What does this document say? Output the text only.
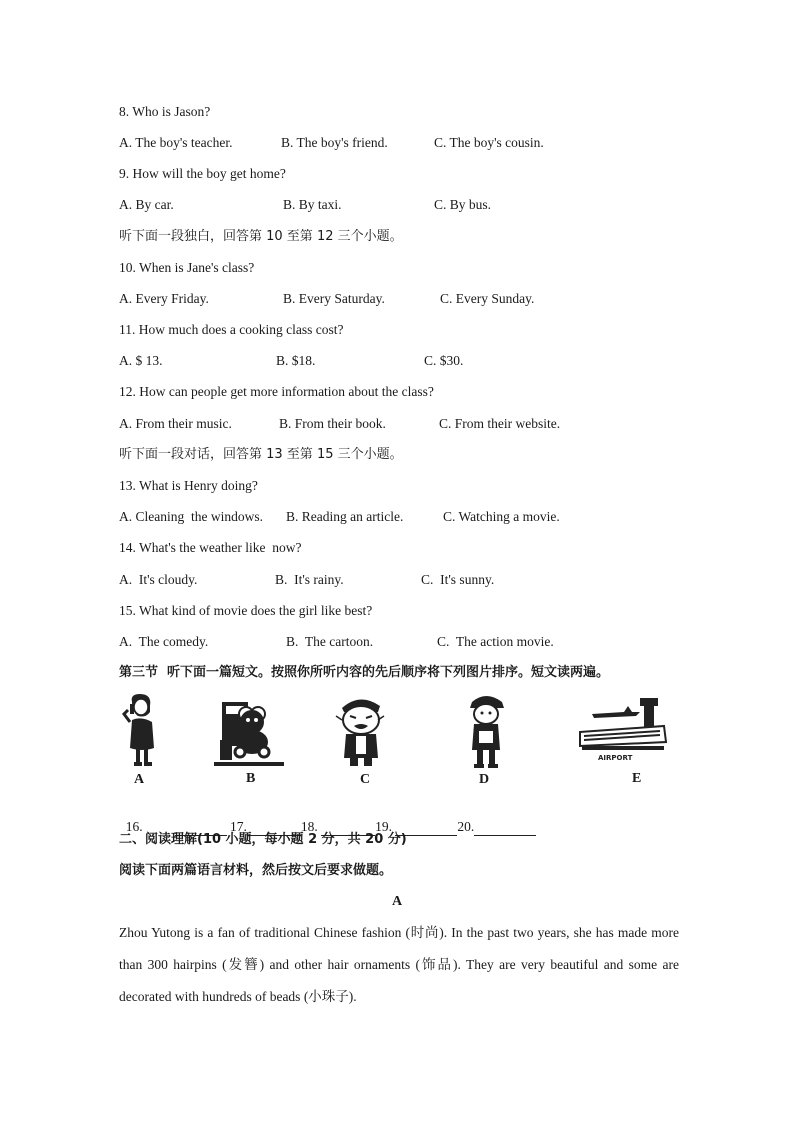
8. Who is Jason?
A. The boy's teacher.	B. The boy's friend.	C. The boy's cousin.
9. How will the boy get home?
A. By car.	B. By taxi.	C. By bus.
听下面一段独白，回答第 10 至第 12 三个小题。
10. When is Jane's class?
A. Every Friday.	B. Every Saturday.	C. Every Sunday.
11. How much does a cooking class cost?
A. $ 13.	B. $18.	C. $30.
12. How can people get more information about the class?
A. From their music.	B. From their book.	C. From their website.
听下面一段对话，回答第 13 至第 15 三个小题。
13. What is Henry doing?
A. Cleaning  the windows. B. Reading an article.	C. Watching a movie.
14. What's the weather like  now?
A.  It's cloudy.	B.  It's rainy.	C.  It's sunny.
15. What kind of movie does the girl like best?
A.  The comedy.	B.  The cartoon.	C.  The action movie.
第三节  听下面一篇短文。按照你所听内容的先后顺序将下列图片排序。短文读两遍。
AIRPORT
A	B	C	D	E

16.	17.	18.	19.	20.

二、阅读理解(10 小题，每小题 2 分，共 20 分)
阅读下面两篇语言材料，然后按文后要求做题。
A
Zhou Yutong is a fan of traditional Chinese fashion (时尚). In the past two years, she has made more than 300 hairpins (发簪) and other hair ornaments (饰品). They are very beautiful and some are decorated with hundreds of beads (小珠子).
